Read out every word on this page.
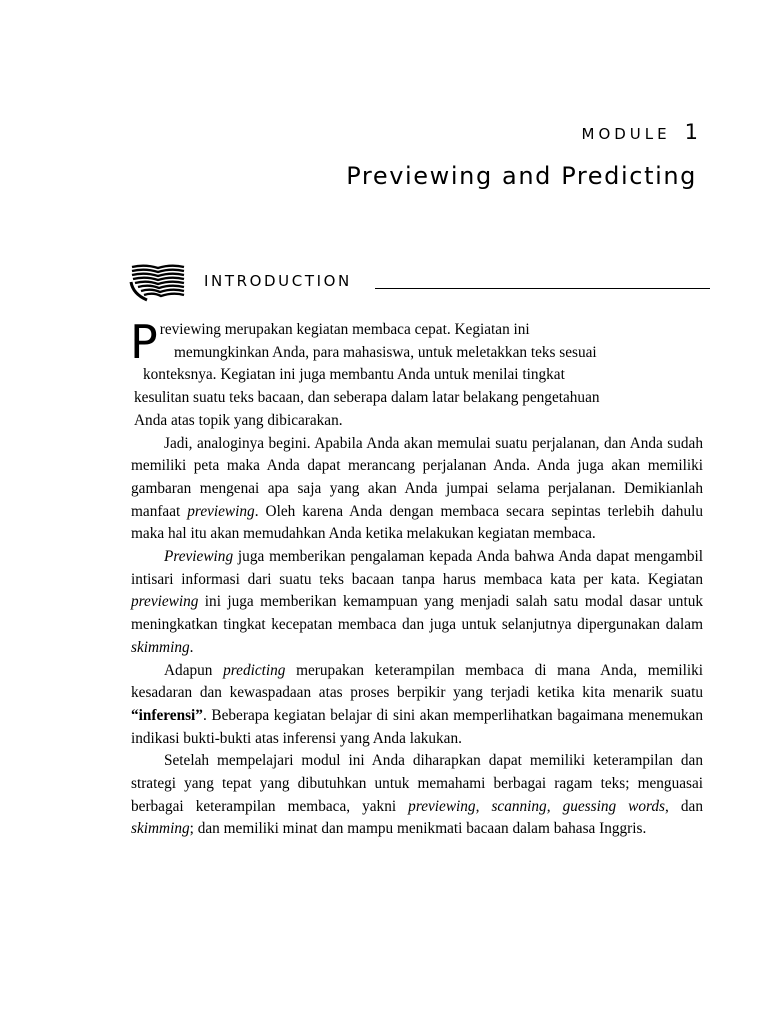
MODULE 1
Previewing and Predicting
INTRODUCTION

P reviewing merupakan kegiatan membaca cepat. Kegiatan ini
memungkinkan Anda, para mahasiswa, untuk meletakkan teks sesuai
konteksnya. Kegiatan ini juga membantu Anda untuk menilai tingkat
kesulitan suatu teks bacaan, dan seberapa dalam latar belakang pengetahuan
Anda atas topik yang dibicarakan.

Jadi, analoginya begini. Apabila Anda akan memulai suatu perjalanan, dan Anda sudah memiliki peta maka Anda dapat merancang perjalanan Anda. Anda juga akan memiliki gambaran mengenai apa saja yang akan Anda jumpai selama perjalanan. Demikianlah manfaat previewing. Oleh karena Anda dengan membaca secara sepintas terlebih dahulu maka hal itu akan memudahkan Anda ketika melakukan kegiatan membaca.

Previewing juga memberikan pengalaman kepada Anda bahwa Anda dapat mengambil intisari informasi dari suatu teks bacaan tanpa harus membaca kata per kata. Kegiatan previewing ini juga memberikan kemampuan yang menjadi salah satu modal dasar untuk meningkatkan tingkat kecepatan membaca dan juga untuk selanjutnya dipergunakan dalam skimming.

Adapun predicting merupakan keterampilan membaca di mana Anda, memiliki kesadaran dan kewaspadaan atas proses berpikir yang terjadi ketika kita menarik suatu “inferensi”. Beberapa kegiatan belajar di sini akan memperlihatkan bagaimana menemukan indikasi bukti-bukti atas inferensi yang Anda lakukan.

Setelah mempelajari modul ini Anda diharapkan dapat memiliki keterampilan dan strategi yang tepat yang dibutuhkan untuk memahami berbagai ragam teks; menguasai berbagai keterampilan membaca, yakni previewing, scanning, guessing words, dan skimming; dan memiliki minat dan mampu menikmati bacaan dalam bahasa Inggris.
